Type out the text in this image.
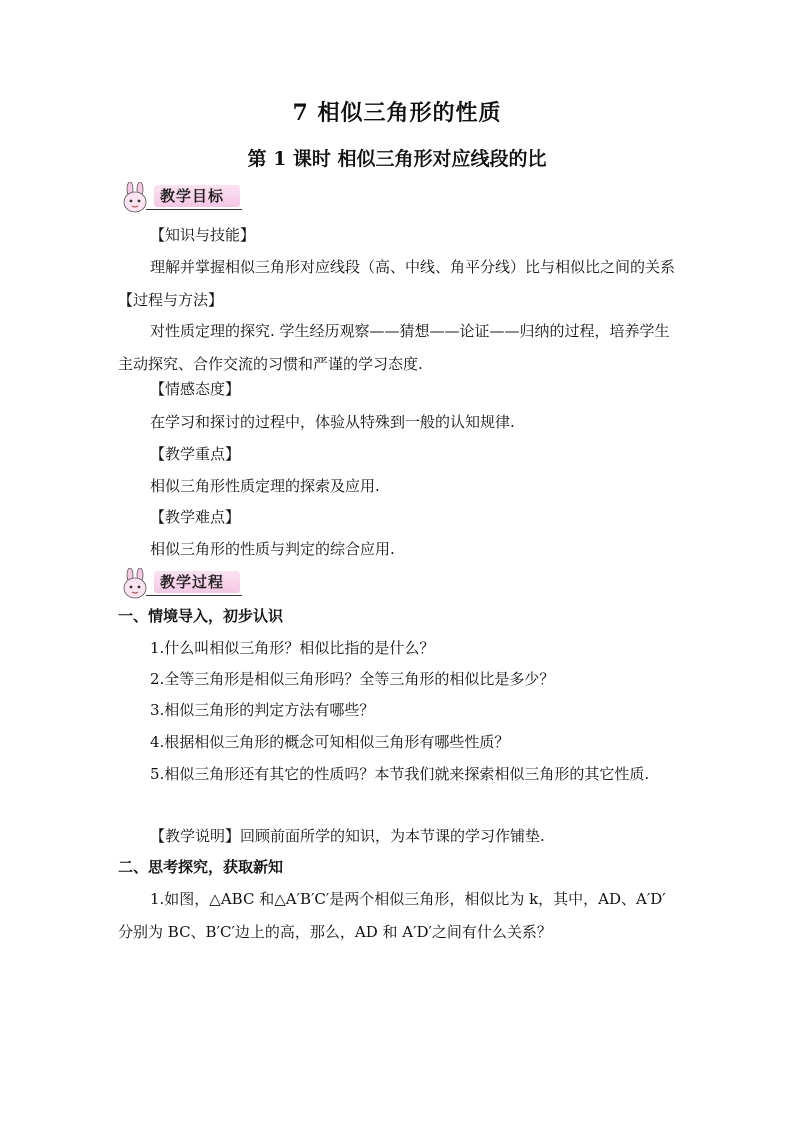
7 相似三角形的性质
第 1 课时 相似三角形对应线段的比
教学目标
【知识与技能】
理解并掌握相似三角形对应线段（高、中线、角平分线）比与相似比之间的关系【过程与方法】
对性质定理的探究. 学生经历观察——猜想——论证——归纳的过程，培养学生主动探究、合作交流的习惯和严谨的学习态度.
【情感态度】
在学习和探讨的过程中，体验从特殊到一般的认知规律.
【教学重点】
相似三角形性质定理的探索及应用.
【教学难点】
相似三角形的性质与判定的综合应用.
教学过程
一、情境导入，初步认识
1.什么叫相似三角形？相似比指的是什么？
2.全等三角形是相似三角形吗？全等三角形的相似比是多少？
3.相似三角形的判定方法有哪些？
4.根据相似三角形的概念可知相似三角形有哪些性质？
5.相似三角形还有其它的性质吗？本节我们就来探索相似三角形的其它性质.
【教学说明】回顾前面所学的知识，为本节课的学习作铺垫.
二、思考探究，获取新知
1.如图，△ABC 和△A′B′C′是两个相似三角形，相似比为 k，其中，AD、A′D′分别为 BC、B′C′边上的高，那么，AD 和 A′D′之间有什么关系？
